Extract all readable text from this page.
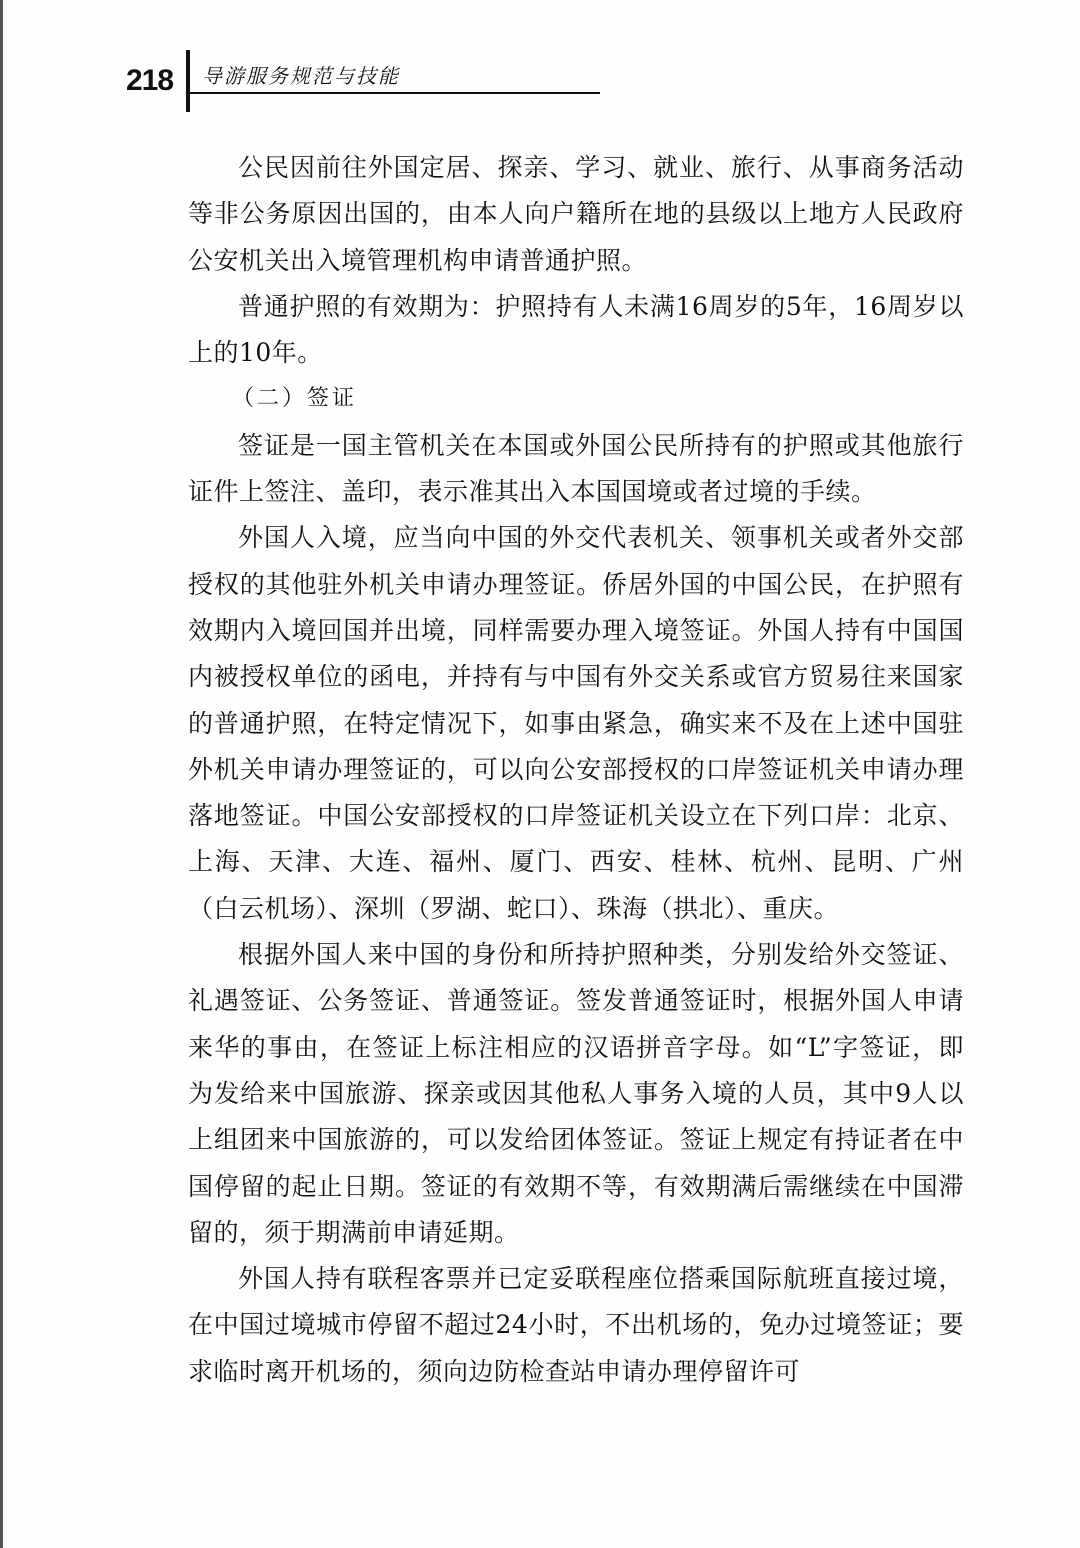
218 导游服务规范与技能

公民因前往外国定居、探亲、学习、就业、旅行、从事商务活动等非公务原因出国的，由本人向户籍所在地的县级以上地方人民政府公安机关出入境管理机构申请普通护照。

普通护照的有效期为：护照持有人未满16周岁的5年，16周岁以上的10年。

（二）签证

签证是一国主管机关在本国或外国公民所持有的护照或其他旅行证件上签注、盖印，表示准其出入本国国境或者过境的手续。

外国人入境，应当向中国的外交代表机关、领事机关或者外交部授权的其他驻外机关申请办理签证。侨居外国的中国公民，在护照有效期内入境回国并出境，同样需要办理入境签证。外国人持有中国国内被授权单位的函电，并持有与中国有外交关系或官方贸易往来国家的普通护照，在特定情况下，如事由紧急，确实来不及在上述中国驻外机关申请办理签证的，可以向公安部授权的口岸签证机关申请办理落地签证。中国公安部授权的口岸签证机关设立在下列口岸：北京、上海、天津、大连、福州、厦门、西安、桂林、杭州、昆明、广州（白云机场）、深圳（罗湖、蛇口）、珠海（拱北）、重庆。

根据外国人来中国的身份和所持护照种类，分别发给外交签证、礼遇签证、公务签证、普通签证。签发普通签证时，根据外国人申请来华的事由，在签证上标注相应的汉语拼音字母。如“L”字签证，即为发给来中国旅游、探亲或因其他私人事务入境的人员，其中9人以上组团来中国旅游的，可以发给团体签证。签证上规定有持证者在中国停留的起止日期。签证的有效期不等，有效期满后需继续在中国滞留的，须于期满前申请延期。

外国人持有联程客票并已定妥联程座位搭乘国际航班直接过境，在中国过境城市停留不超过24小时，不出机场的，免办过境签证；要求临时离开机场的，须向边防检查站申请办理停留许可
